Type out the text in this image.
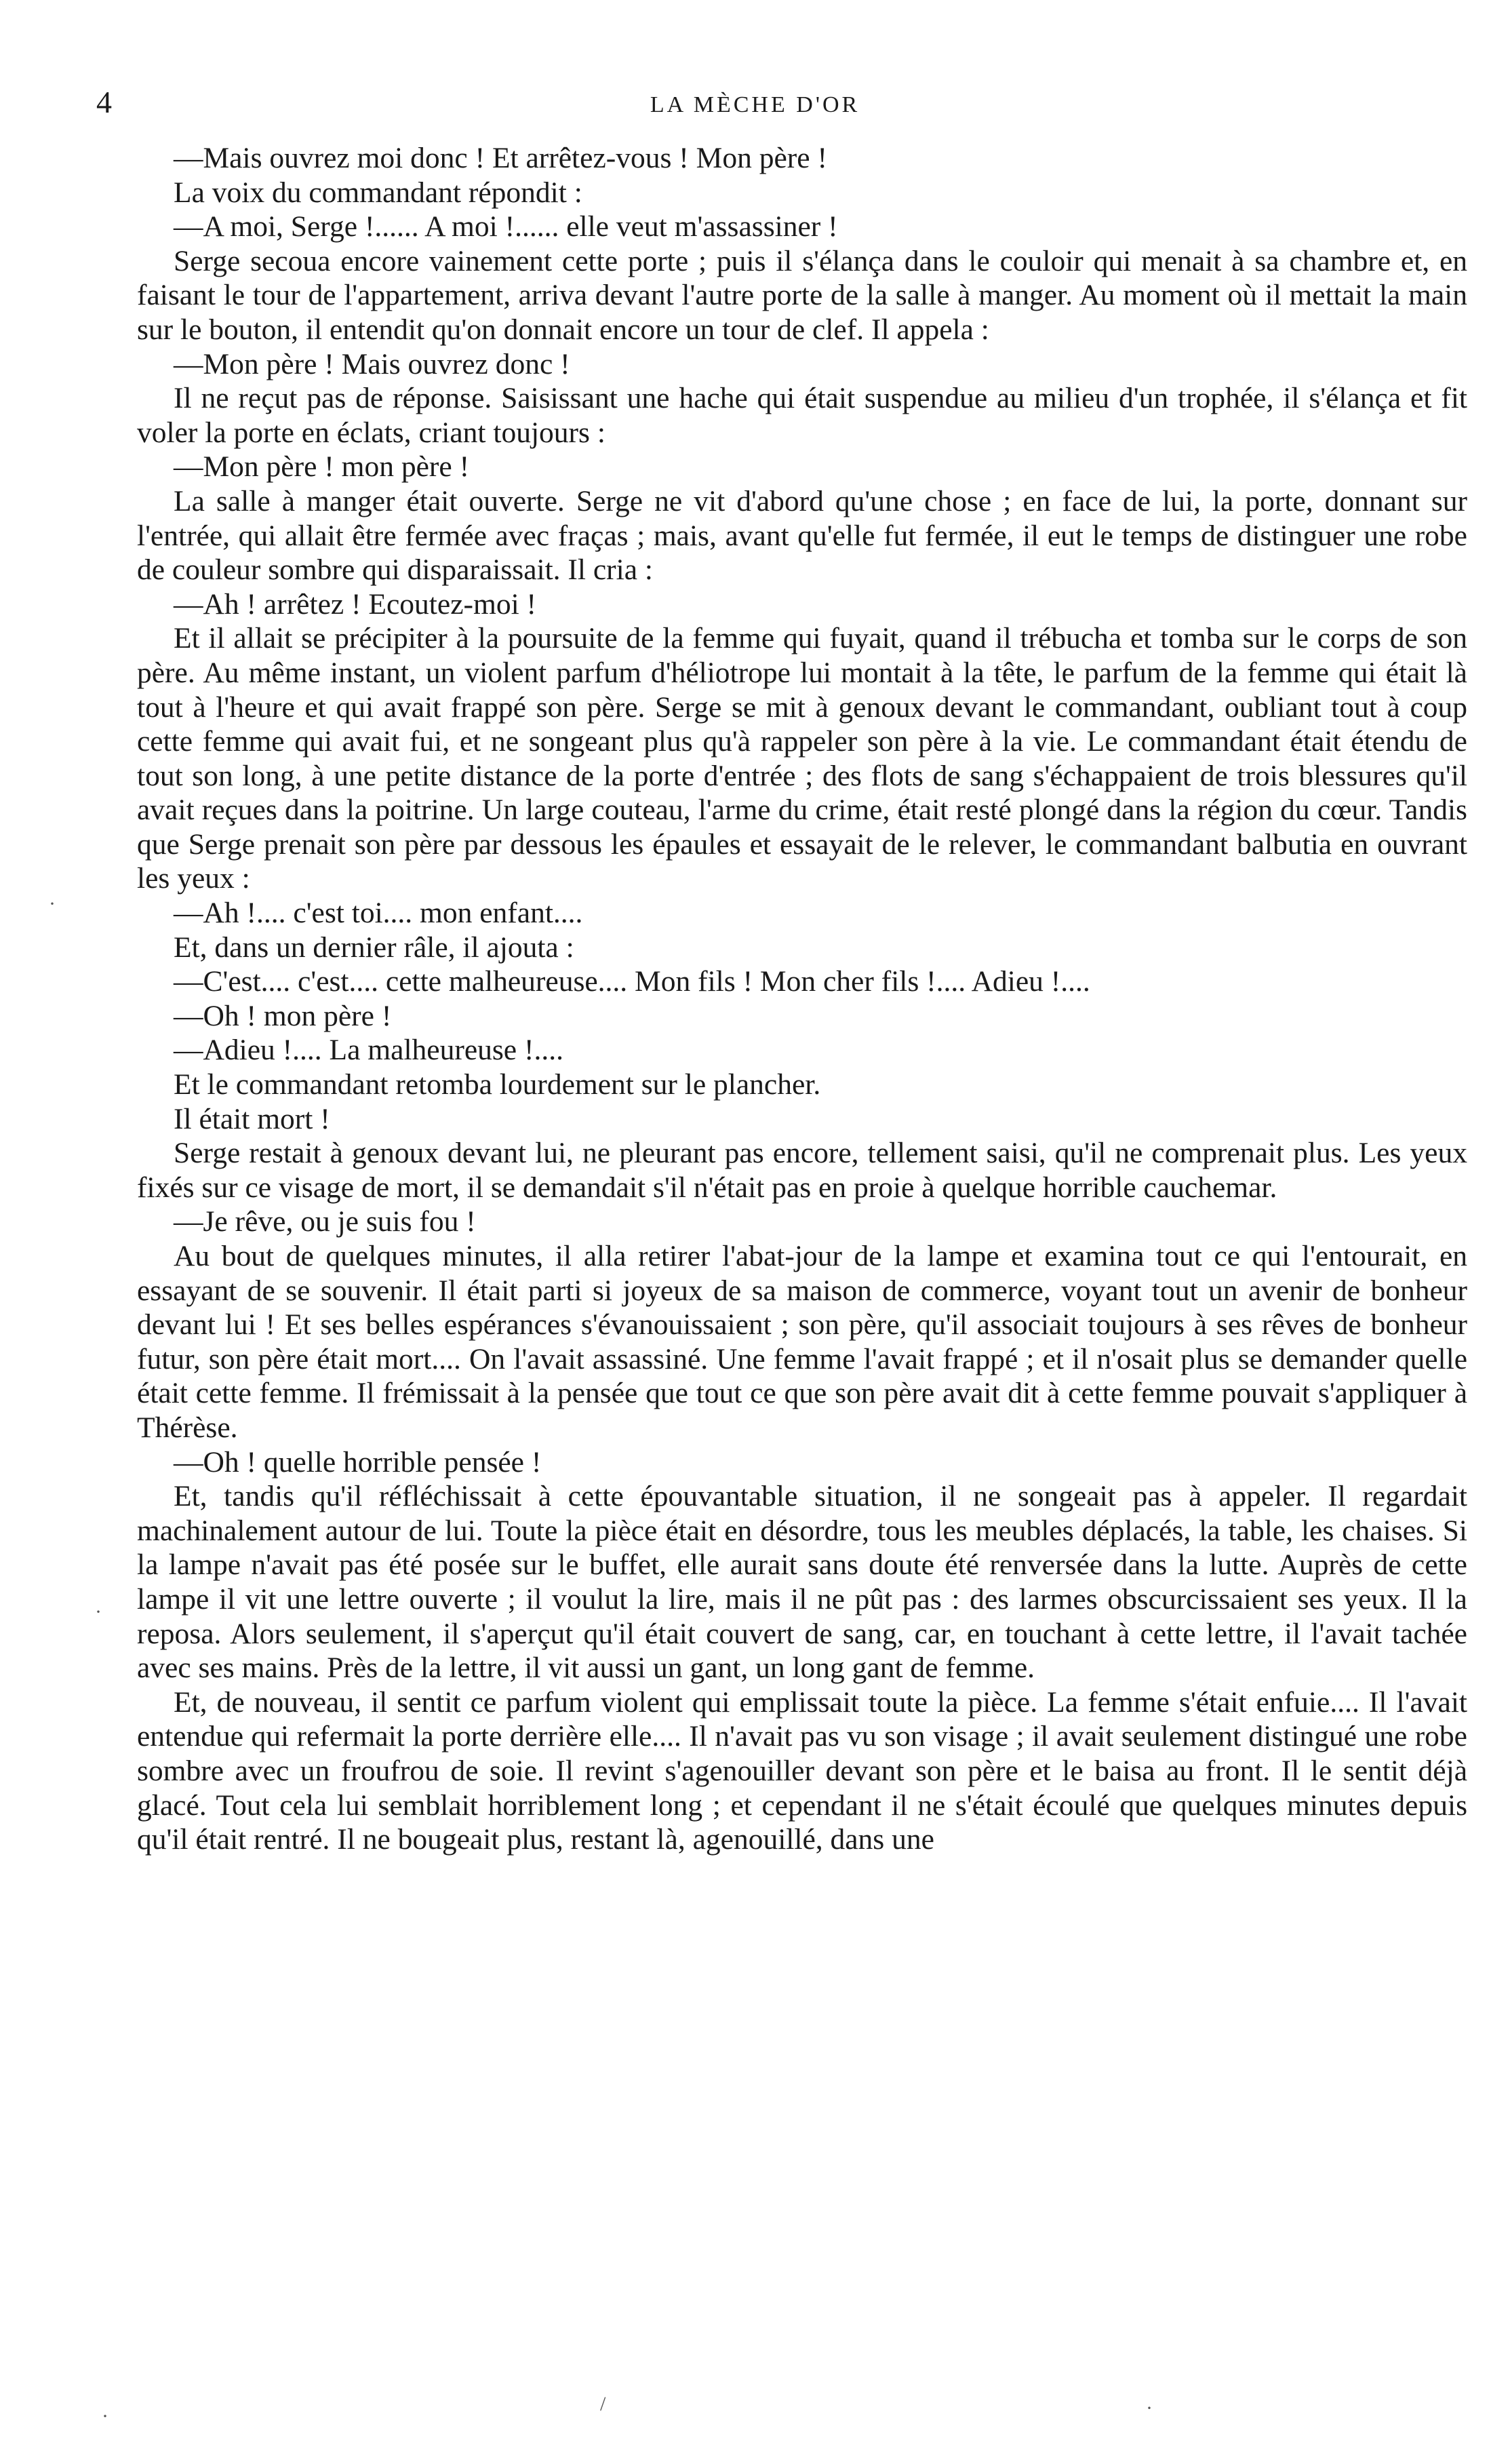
4	LA MÈCHE D'OR

—Mais ouvrez moi donc ! Et arrêtez-vous ! Mon père !

La voix du commandant répondit :

—A moi, Serge !...... A moi !...... elle veut m'assassiner !

Serge secoua encore vainement cette porte ; puis il s'élança dans le couloir qui menait à sa chambre et, en faisant le tour de l'appartement, arriva devant l'autre porte de la salle à manger. Au moment où il mettait la main sur le bouton, il entendit qu'on donnait encore un tour de clef. Il appela :

—Mon père ! Mais ouvrez donc !

Il ne reçut pas de réponse. Saisissant une hache qui était suspendue au milieu d'un trophée, il s'élança et fit voler la porte en éclats, criant toujours :

—Mon père ! mon père !

La salle à manger était ouverte. Serge ne vit d'abord qu'une chose ; en face de lui, la porte, donnant sur l'entrée, qui allait être fermée avec fraças ; mais, avant qu'elle fut fermée, il eut le temps de distinguer une robe de couleur sombre qui disparaissait. Il cria :

—Ah ! arrêtez ! Ecoutez-moi !

Et il allait se précipiter à la poursuite de la femme qui fuyait, quand il trébucha et tomba sur le corps de son père. Au même instant, un violent parfum d'héliotrope lui montait à la tête, le parfum de la femme qui était là tout à l'heure et qui avait frappé son père. Serge se mit à genoux devant le commandant, oubliant tout à coup cette femme qui avait fui, et ne songeant plus qu'à rappeler son père à la vie. Le commandant était étendu de tout son long, à une petite distance de la porte d'entrée ; des flots de sang s'échappaient de trois blessures qu'il avait reçues dans la poitrine. Un large couteau, l'arme du crime, était resté plongé dans la région du cœur. Tandis que Serge prenait son père par dessous les épaules et essayait de le relever, le commandant balbutia en ouvrant les yeux :

—Ah !.... c'est toi.... mon enfant....

Et, dans un dernier râle, il ajouta :

—C'est.... c'est.... cette malheureuse.... Mon fils ! Mon cher fils !.... Adieu !....

—Oh ! mon père !

—Adieu !.... La malheureuse !....

Et le commandant retomba lourdement sur le plancher.

Il était mort !

Serge restait à genoux devant lui, ne pleurant pas encore, tellement saisi, qu'il ne comprenait plus. Les yeux fixés sur ce visage de mort, il se demandait s'il n'était pas en proie à quelque horrible cauchemar.

—Je rêve, ou je suis fou !

Au bout de quelques minutes, il alla retirer l'abat-jour de la lampe et examina tout ce qui l'entourait, en essayant de se souvenir. Il était parti si joyeux de sa maison de commerce, voyant tout un avenir de bonheur devant lui ! Et ses belles espérances s'évanouissaient ; son père, qu'il associait toujours à ses rêves de bonheur futur, son père était mort.... On l'avait assassiné. Une femme l'avait frappé ; et il n'osait plus se demander quelle était cette femme. Il frémissait à la pensée que tout ce que son père avait dit à cette femme pouvait s'appliquer à Thérèse.

—Oh ! quelle horrible pensée !

Et, tandis qu'il réfléchissait à cette épouvantable situation, il ne songeait pas à appeler. Il regardait machinalement autour de lui. Toute la pièce était en désordre, tous les meubles déplacés, la table, les chaises. Si la lampe n'avait pas été posée sur le buffet, elle aurait sans doute été renversée dans la lutte. Auprès de cette lampe il vit une lettre ouverte ; il voulut la lire, mais il ne pût pas : des larmes obscurcissaient ses yeux. Il la reposa. Alors seulement, il s'aperçut qu'il était couvert de sang, car, en touchant à cette lettre, il l'avait tachée avec ses mains. Près de la lettre, il vit aussi un gant, un long gant de femme.

Et, de nouveau, il sentit ce parfum violent qui emplissait toute la pièce. La femme s'était enfuie.... Il l'avait entendue qui refermait la porte derrière elle.... Il n'avait pas vu son visage ; il avait seulement distingué une robe sombre avec un froufrou de soie. Il revint s'agenouiller devant son père et le baisa au front. Il le sentit déjà glacé. Tout cela lui semblait horriblement long ; et cependant il ne s'était écoulé que quelques minutes depuis qu'il était rentré. Il ne bougeait plus, restant là, agenouillé, dans une

·
·
·
/	·
